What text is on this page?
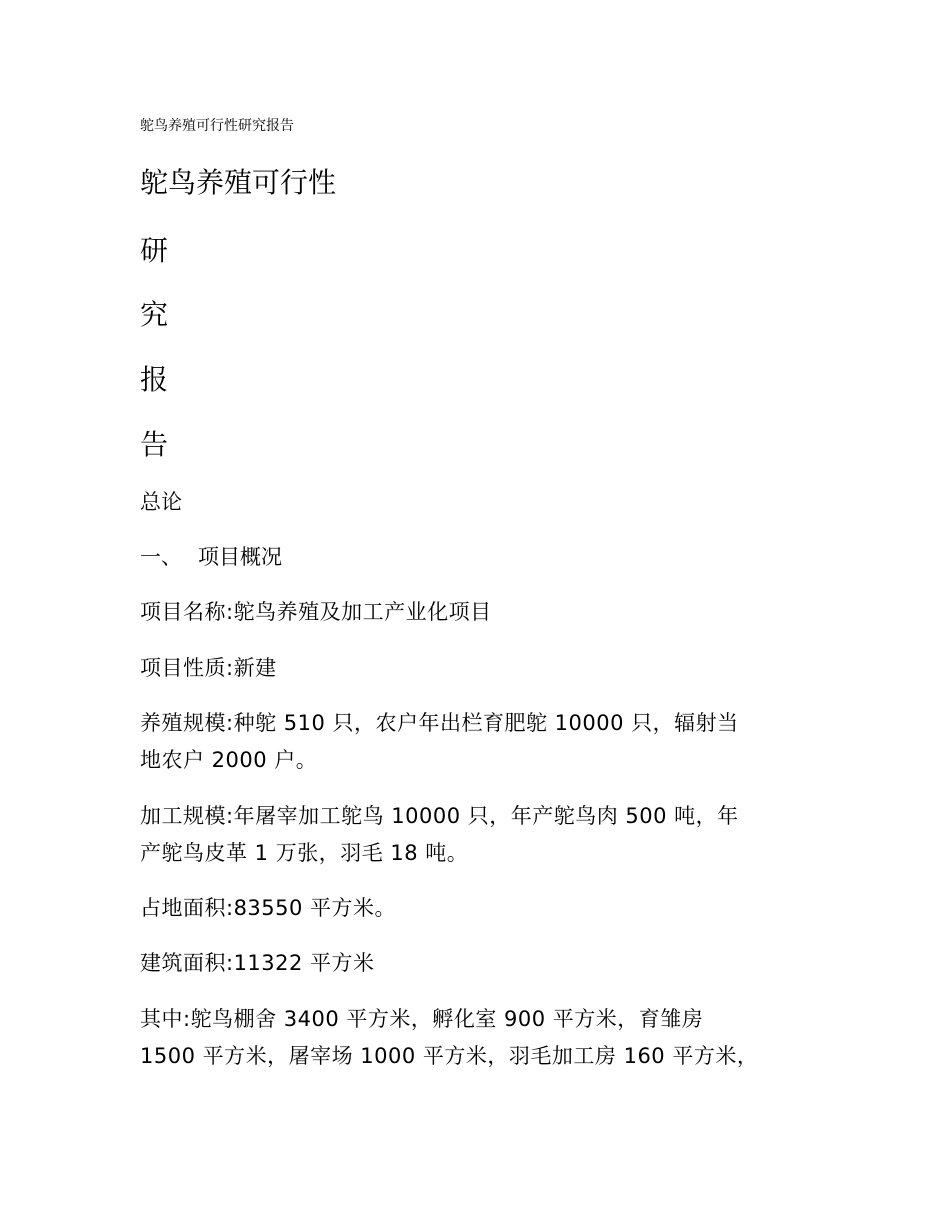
鸵鸟养殖可行性研究报告
鸵鸟养殖可行性
研
究
报
告
总论
一、 项目概况
项目名称:鸵鸟养殖及加工产业化项目
项目性质:新建
养殖规模:种鸵 510 只，农户年出栏育肥鸵 10000 只，辐射当
地农户 2000 户。
加工规模:年屠宰加工鸵鸟 10000 只，年产鸵鸟肉 500 吨，年
产鸵鸟皮革 1 万张，羽毛 18 吨。
占地面积:83550 平方米。
建筑面积:11322 平方米
其中:鸵鸟棚舍 3400 平方米，孵化室 900 平方米，育雏房
1500 平方米，屠宰场 1000 平方米，羽毛加工房 160 平方米，
